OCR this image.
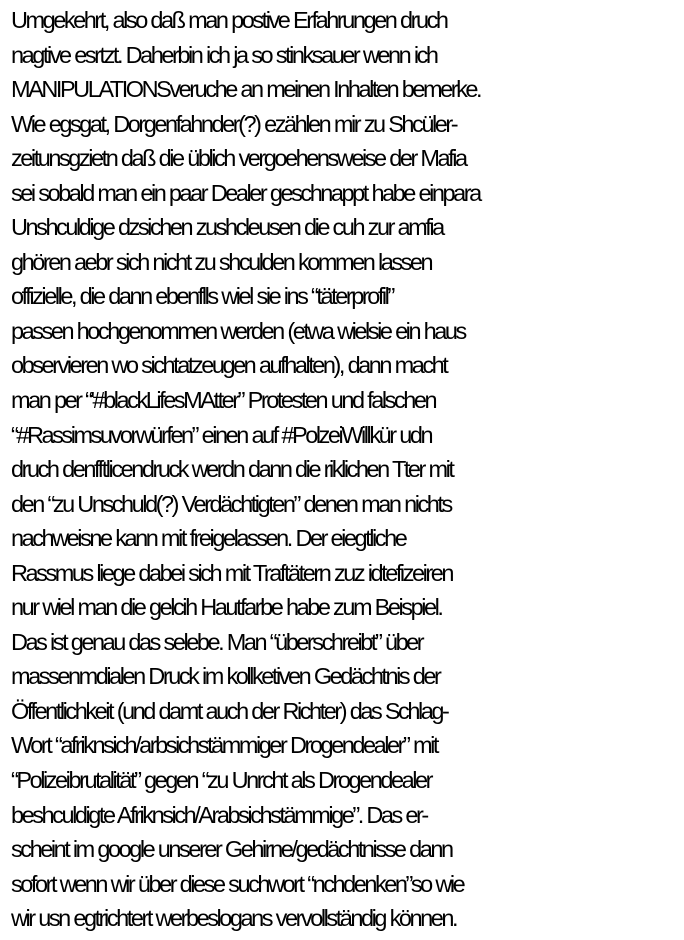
Umgekehrt, also daß man postive Erfahrungen druch
nagtive esrtzt. Daherbin ich ja so stinksauer wenn ich
MANIPULATIONSveruche an meinen Inhalten bemerke.
Wie egsgat, Dorgenfahnder(?) ezählen mir zu Shcüler-
zeitunsgzietn daß die üblich vergoehensweise der Mafia
sei sobald man ein paar Dealer geschnappt habe einpara
Unshculdige dzsichen zushcleusen die cuh zur amfia
ghören aebr sich nicht zu shculden kommen lassen
offizielle, die dann ebenflls wiel sie ins “täterprofil”
passen hochgenommen werden (etwa wielsie ein haus
observieren wo sichtatzeugen aufhalten), dann macht
man per “'#blackLifesMAtter” Protesten und falschen
“#Rassimsuvorwürfen” einen auf #PolzeiWillkür udn
druch denfftlicendruck werdn dann die riklichen Tter mit
den “zu Unschuld(?) Verdächtigten” denen man nichts
nachweisne kann mit freigelassen. Der eiegtliche
Rassmus liege dabei sich mit Traftätern zuz idtefizeiren
nur wiel man die gelcih Hautfarbe habe zum Beispiel.
Das ist genau das selebe. Man “überschreibt” über
massenmdialen Druck im kollketiven Gedächtnis der
Öffentlichkeit (und damt auch der Richter) das Schlag-
Wort “afriknsich/arbsichstämmiger Drogendealer” mit
“Polizeibrutalität” gegen “zu Unrcht als Drogendealer
beshculdigte Afriknsich/Arabsichstämmige”. Das er-
scheint im google unserer Gehirne/gedächtnisse dann
sofort wenn wir über diese suchwort “nchdenken”so wie
wir usn egtrichtert werbeslogans vervollständig können.
